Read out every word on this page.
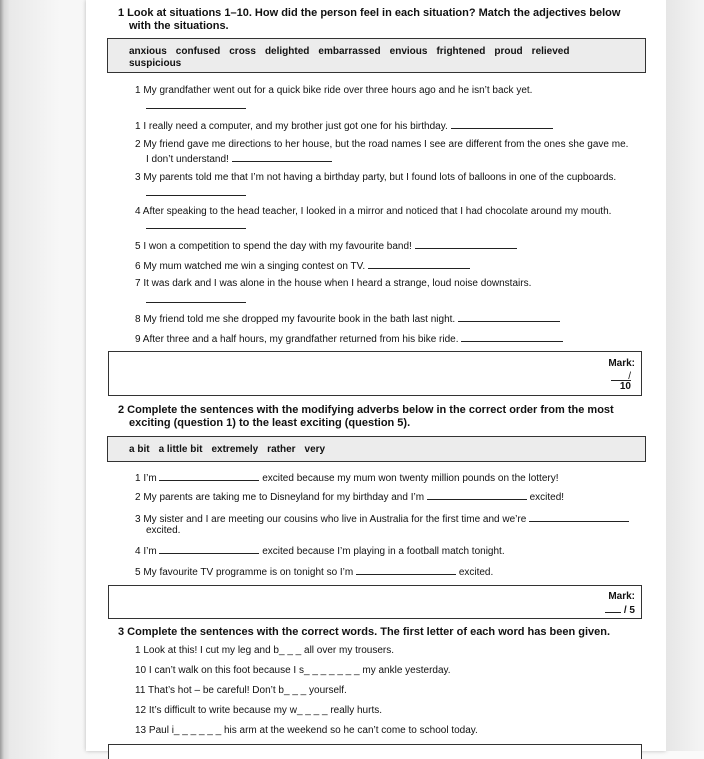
1 Look at situations 1–10. How did the person feel in each situation? Match the adjectives below
with the situations.
anxious confused cross delighted embarrassed envious frightened proud relieved
suspicious
1 My grandfather went out for a quick bike ride over three hours ago and he isn’t back yet.
1 I really need a computer, and my brother just got one for his birthday.
2 My friend gave me directions to her house, but the road names I see are different from the ones she gave me.
I don’t understand!
3 My parents told me that I’m not having a birthday party, but I found lots of balloons in one of the cupboards.
4 After speaking to the head teacher, I looked in a mirror and noticed that I had chocolate around my mouth.
5 I won a competition to spend the day with my favourite band!
6 My mum watched me win a singing contest on TV.
7 It was dark and I was alone in the house when I heard a strange, loud noise downstairs.
8 My friend told me she dropped my favourite book in the bath last night.
9 After three and a half hours, my grandfather returned from his bike ride.
Mark:
/
10
2 Complete the sentences with the modifying adverbs below in the correct order from the most
exciting (question 1) to the least exciting (question 5).
a bit a little bit extremely rather very
1 I’m	excited because my mum won twenty million pounds on the lottery!
2 My parents are taking me to Disneyland for my birthday and I’m	excited!
3 My sister and I are meeting our cousins who live in Australia for the first time and we’re
excited.
4 I’m	excited because I’m playing in a football match tonight.
5 My favourite TV programme is on tonight so I’m	excited.
Mark:
/ 5
3 Complete the sentences with the correct words. The first letter of each word has been given.
1 Look at this! I cut my leg and b_ _ _ all over my trousers.
10 I can’t walk on this foot because I s_ _ _ _ _ _ _ my ankle yesterday.
11 That’s hot – be careful! Don’t b_ _ _ yourself.
12 It’s difficult to write because my w_ _ _ _ really hurts.
13 Paul i_ _ _ _ _ _ his arm at the weekend so he can’t come to school today.
